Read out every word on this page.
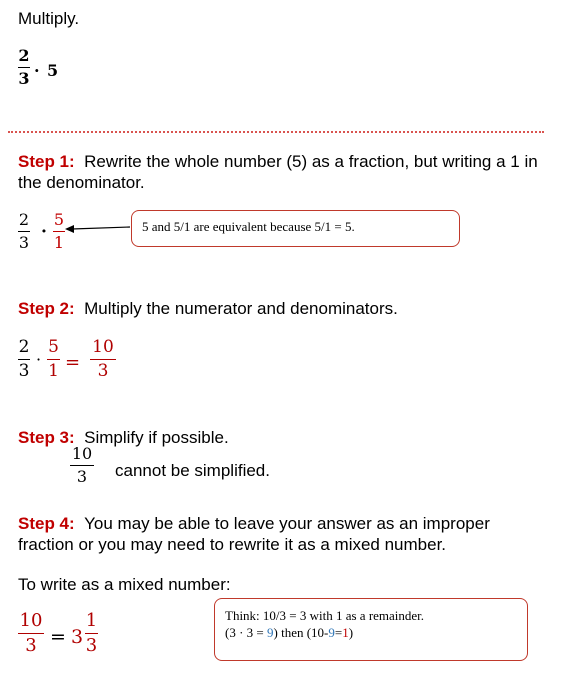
Multiply.
2
3 · 5
Step 1: Rewrite the whole number (5) as a fraction, but writing a 1 in
the denominator.
2
3
·
5
1
5 and 5/1 are equivalent because 5/1 = 5.
Step 2: Multiply the numerator and denominators.
2
3
·
5
1 =
10
3
Step 3: Simplify if possible.
10
3	cannot be simplified.
Step 4: You may be able to leave your answer as an improper
fraction or you may need to rewrite it as a mixed number.
To write as a mixed number:
10
3 = 3
1
3
Think: 10/3 = 3 with 1 as a remainder.
(3 · 3 = 9) then (10-9=1)
